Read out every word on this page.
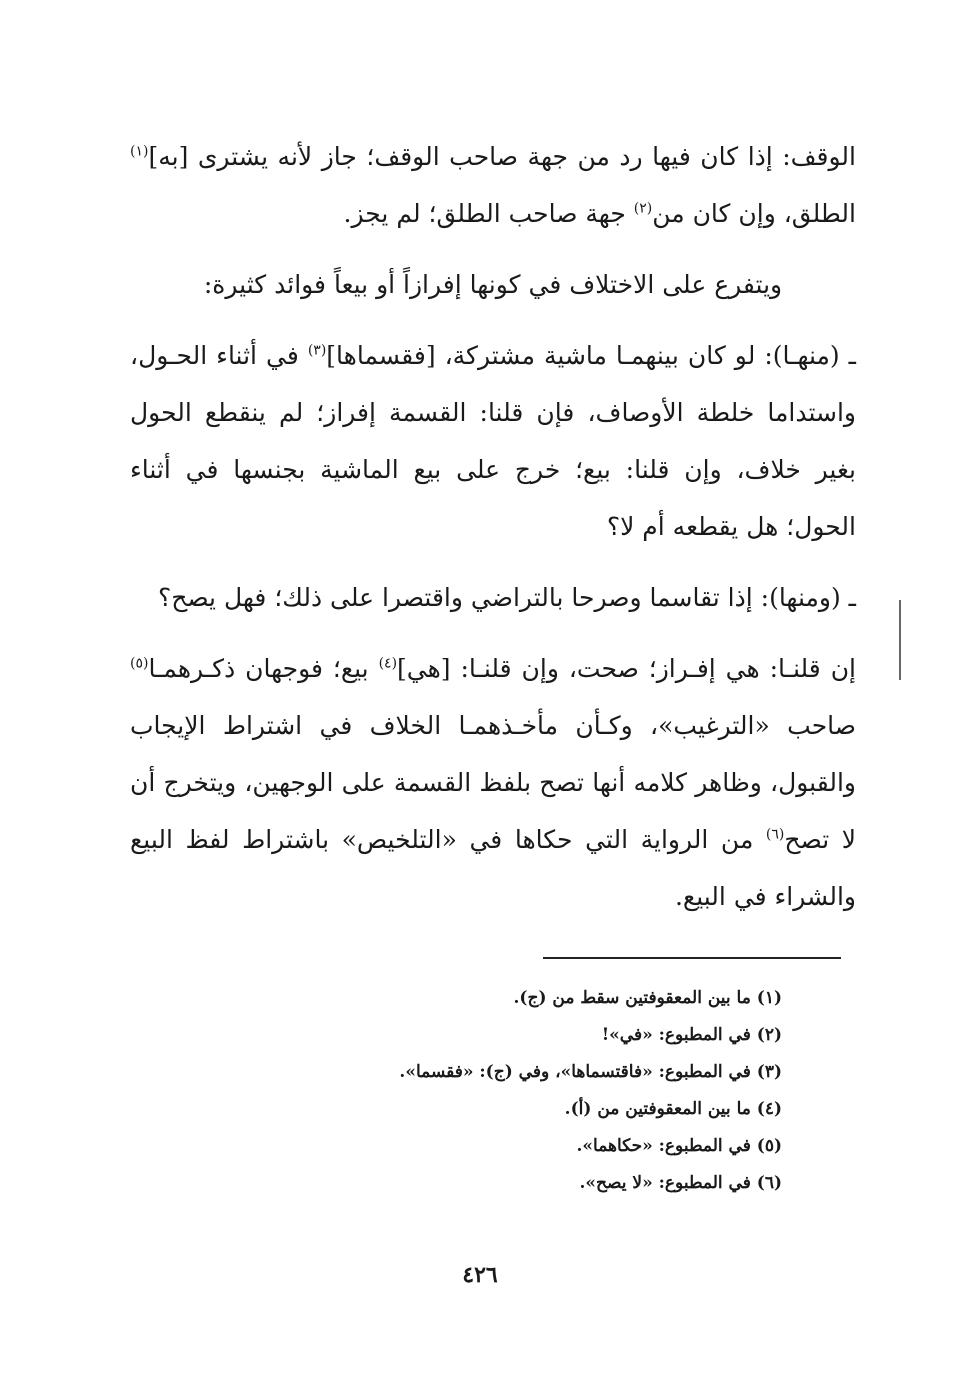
الوقف: إذا كان فيها رد من جهة صاحب الوقف؛ جاز لأنه يشترى [به]$^{(١)}$ الطلق، وإن كان من$^{(٢)}$ جهة صاحب الطلق؛ لم يجز.

ويتفرع على الاختلاف في كونها إفرازاً أو بيعاً فوائد كثيرة:

ـ (منهـا): لو كان بينهمـا ماشية مشتركة، [فقسماها]$^{(٣)}$ في أثناء الحـول، واستداما خلطة الأوصاف، فإن قلنا: القسمة إفراز؛ لم ينقطع الحول بغير خلاف، وإن قلنا: بيع؛ خرج على بيع الماشية بجنسها في أثناء الحول؛ هل يقطعه أم لا؟

ـ (ومنها): إذا تقاسما وصرحا بالتراضي واقتصرا على ذلك؛ فهل يصح؟

إن قلنـا: هي إفـراز؛ صحت، وإن قلنـا: [هي]$^{(٤)}$ بيع؛ فوجهان ذكـرهمـا$^{(٥)}$ صاحب «الترغيب»، وكـأن مأخـذهمـا الخلاف في اشتراط الإيجاب والقبول، وظاهر كلامه أنها تصح بلفظ القسمة على الوجهين، ويتخرج أن لا تصح$^{(٦)}$ من الرواية التي حكاها في «التلخيص» باشتراط لفظ البيع والشراء في البيع.

(١) ما بين المعقوفتين سقط من (ج).
(٢) في المطبوع: «في»!
(٣) في المطبوع: «فاقتسماها»، وفي (ج): «فقسما».
(٤) ما بين المعقوفتين من (أ).
(٥) في المطبوع: «حكاهما».
(٦) في المطبوع: «لا يصح».
٤٢٦
